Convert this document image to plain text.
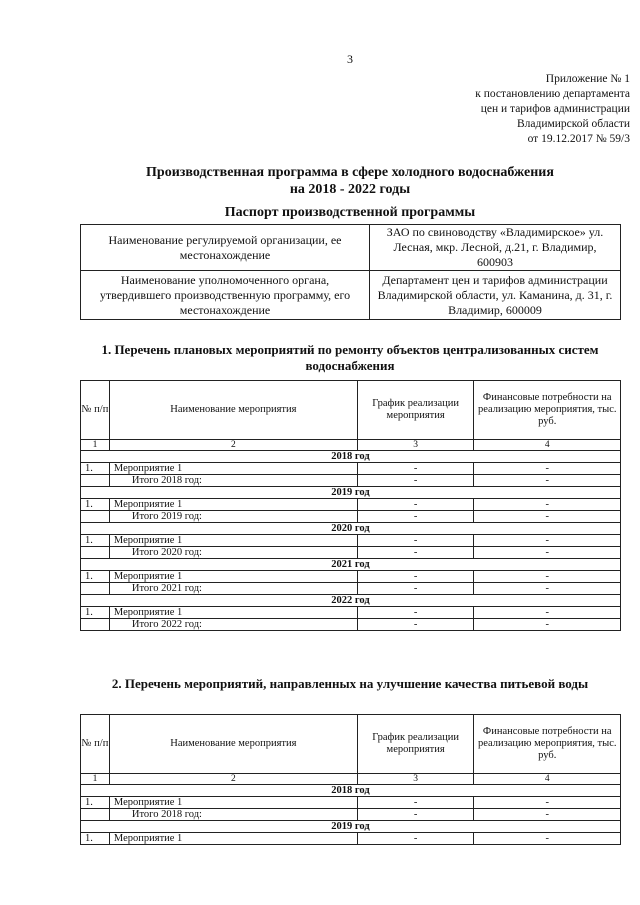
3
Приложение № 1
к постановлению департамента
цен и тарифов администрации
Владимирской области
от 19.12.2017 № 59/3
Производственная программа в сфере холодного водоснабжения
на 2018 - 2022 годы
Паспорт производственной программы
Наименование регулируемой организации, ее местонахождение	ЗАО по свиноводству «Владимирское» ул. Лесная, мкр. Лесной, д.21, г. Владимир, 600903
Наименование уполномоченного органа, утвердившего производственную программу, его местонахождение	Департамент цен и тарифов администрации Владимирской области, ул. Каманина, д. 31, г. Владимир, 600009
1. Перечень плановых мероприятий по ремонту объектов централизованных систем водоснабжения
№ п/п	Наименование мероприятия	График реализации мероприятия	Финансовые потребности на реализацию мероприятия, тыс. руб.
1	2	3	4
2018 год			
1.	Мероприятие 1	-	-
	Итого 2018 год:	-	-
2019 год			
1.	Мероприятие 1	-	-
	Итого 2019 год:	-	-
2020 год			
1.	Мероприятие 1	-	-
	Итого 2020 год:	-	-
2021 год			
1.	Мероприятие 1	-	-
	Итого 2021 год:	-	-
2022 год			
1.	Мероприятие 1	-	-
	Итого 2022 год:	-	-
2. Перечень мероприятий, направленных на улучшение качества питьевой воды
№ п/п	Наименование мероприятия	График реализации мероприятия	Финансовые потребности на реализацию мероприятия, тыс. руб.
1	2	3	4
2018 год			
1.	Мероприятие 1	-	-
	Итого 2018 год:	-	-
2019 год			
1.	Мероприятие 1	-	-
